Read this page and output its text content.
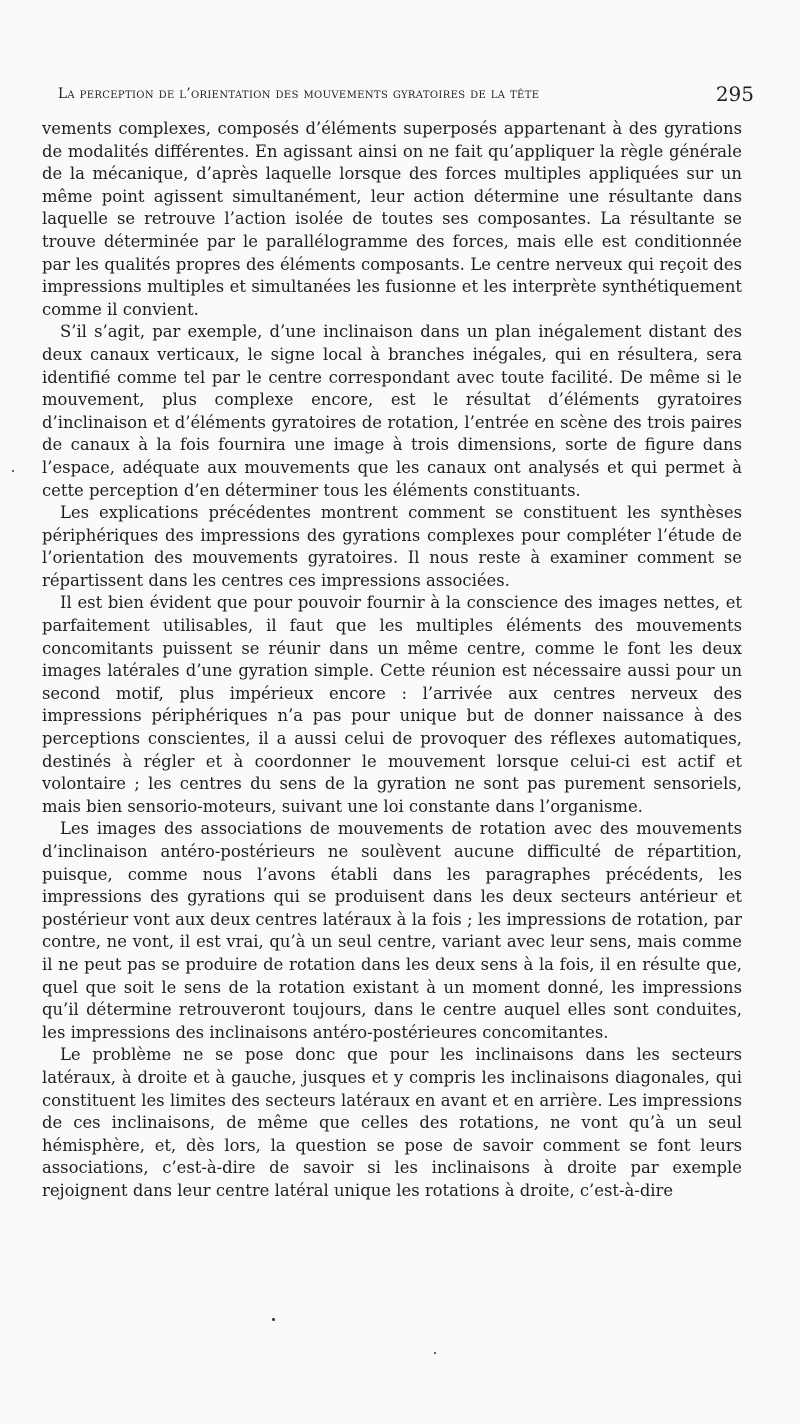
La perception de l’orientation des mouvements gyratoires de la tête	295

vements complexes, composés d’éléments superposés appartenant à des gyrations de modalités différentes. En agissant ainsi on ne fait qu’appliquer la règle générale de la mécanique, d’après laquelle lorsque des forces multiples appliquées sur un même point agissent simultanément, leur action détermine une résultante dans laquelle se retrouve l’action isolée de toutes ses composantes. La résultante se trouve déterminée par le parallélogramme des forces, mais elle est conditionnée par les qualités propres des éléments composants. Le centre nerveux qui reçoit des impressions multiples et simultanées les fusionne et les interprète synthétiquement comme il convient.

S’il s’agit, par exemple, d’une inclinaison dans un plan inégalement distant des deux canaux verticaux, le signe local à branches inégales, qui en résultera, sera identifié comme tel par le centre correspondant avec toute facilité. De même si le mouvement, plus complexe encore, est le résultat d’éléments gyratoires d’inclinaison et d’éléments gyratoires de rotation, l’entrée en scène des trois paires de canaux à la fois fournira une image à trois dimensions, sorte de figure dans l’espace, adéquate aux mouvements que les canaux ont analysés et qui permet à cette perception d’en déterminer tous les éléments constituants.

Les explications précédentes montrent comment se constituent les synthèses périphériques des impressions des gyrations complexes pour compléter l’étude de l’orientation des mouvements gyratoires. Il nous reste à examiner comment se répartissent dans les centres ces impressions associées.

Il est bien évident que pour pouvoir fournir à la conscience des images nettes, et parfaitement utilisables, il faut que les multiples éléments des mouvements concomitants puissent se réunir dans un même centre, comme le font les deux images latérales d’une gyration simple. Cette réunion est nécessaire aussi pour un second motif, plus impérieux encore : l’arrivée aux centres nerveux des impressions périphériques n’a pas pour unique but de donner naissance à des perceptions conscientes, il a aussi celui de provoquer des réflexes automatiques, destinés à régler et à coordonner le mouvement lorsque celui-ci est actif et volontaire ; les centres du sens de la gyration ne sont pas purement sensoriels, mais bien sensorio-moteurs, suivant une loi constante dans l’organisme.

Les images des associations de mouvements de rotation avec des mouvements d’inclinaison antéro-postérieurs ne soulèvent aucune difficulté de répartition, puisque, comme nous l’avons établi dans les paragraphes précédents, les impressions des gyrations qui se produisent dans les deux secteurs antérieur et postérieur vont aux deux centres latéraux à la fois ; les impressions de rotation, par contre, ne vont, il est vrai, qu’à un seul centre, variant avec leur sens, mais comme il ne peut pas se produire de rotation dans les deux sens à la fois, il en résulte que, quel que soit le sens de la rotation existant à un moment donné, les impressions qu’il détermine retrouveront toujours, dans le centre auquel elles sont conduites, les impressions des inclinaisons antéro-postérieures concomitantes.

Le problème ne se pose donc que pour les inclinaisons dans les secteurs latéraux, à droite et à gauche, jusques et y compris les inclinaisons diagonales, qui constituent les limites des secteurs latéraux en avant et en arrière. Les impressions de ces inclinaisons, de même que celles des rotations, ne vont qu’à un seul hémisphère, et, dès lors, la question se pose de savoir comment se font leurs associations, c’est-à-dire de savoir si les inclinaisons à droite par exemple rejoignent dans leur centre latéral unique les rotations à droite, c’est-à-dire
